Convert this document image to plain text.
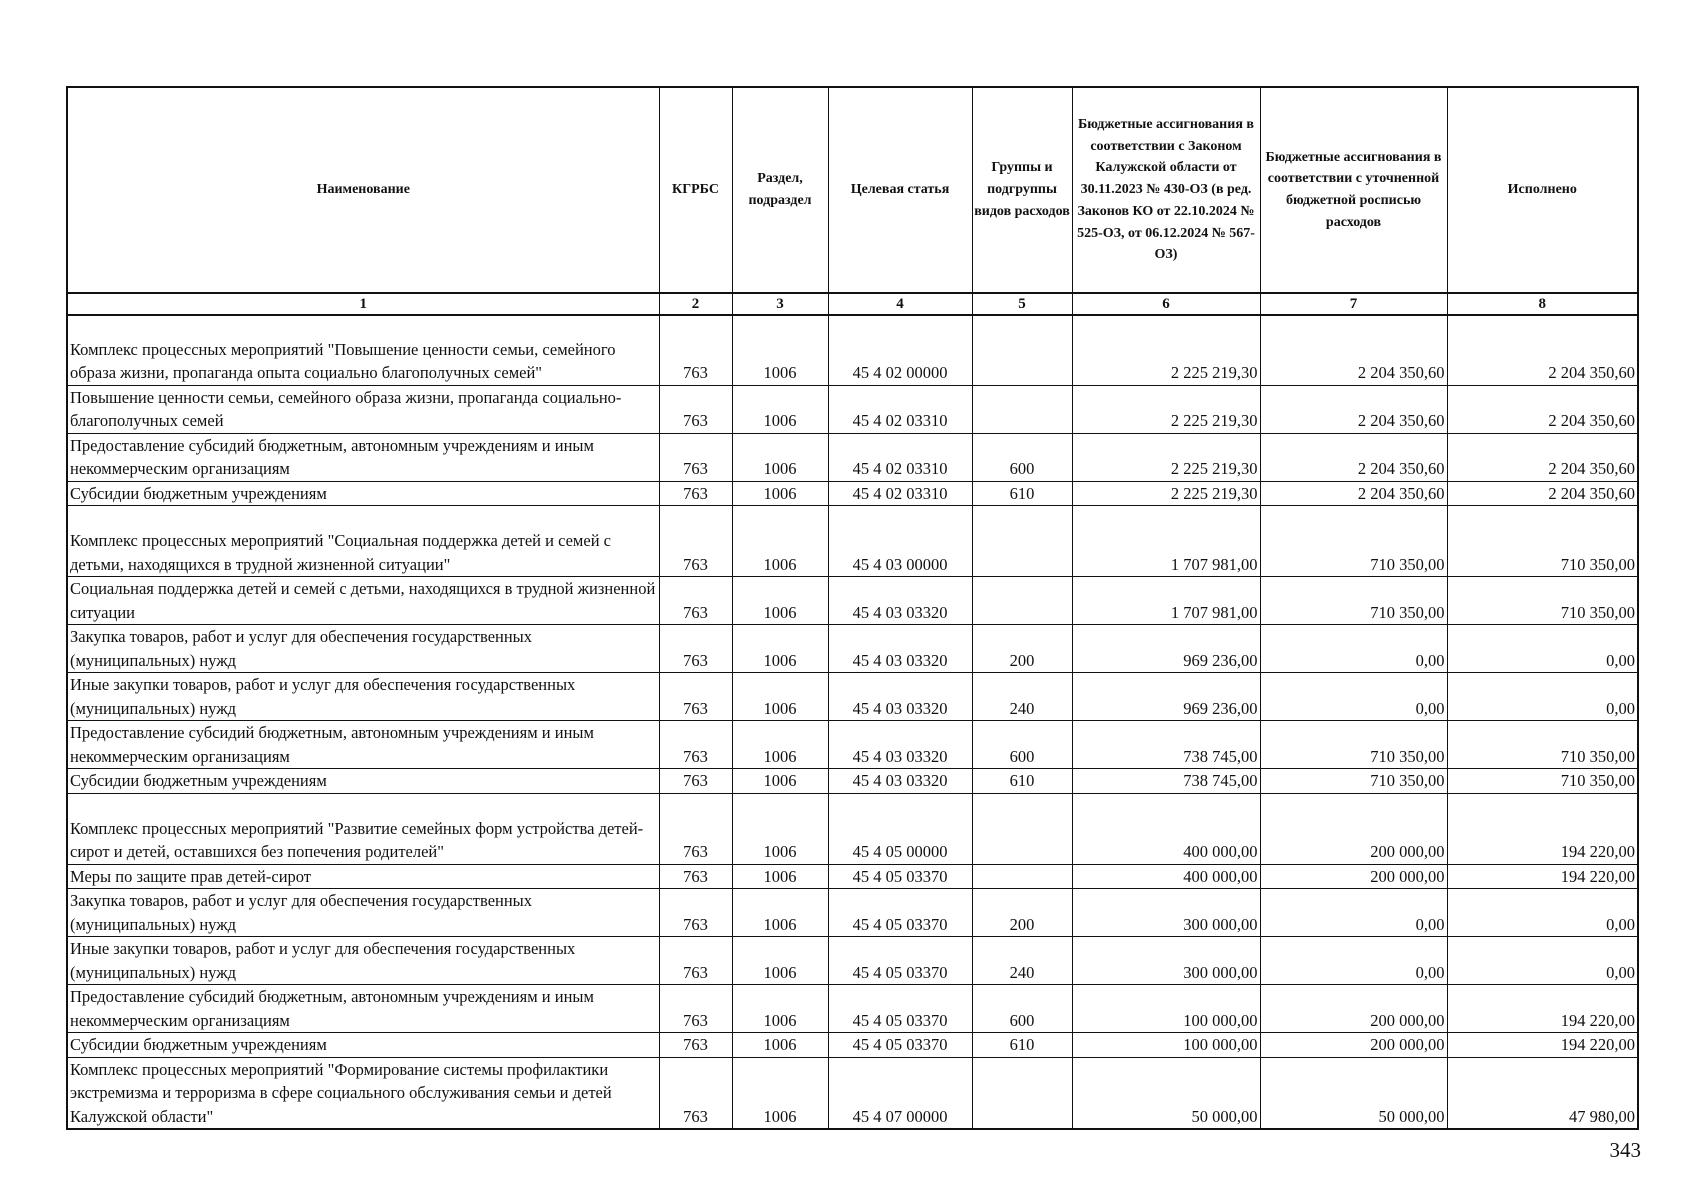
Наименование	КГРБС	Раздел, подраздел	Целевая статья	Группы и подгруппы видов расходов	Бюджетные ассигнования в соответствии с Законом Калужской области от 30.11.2023 № 430-ОЗ (в ред. Законов КО от 22.10.2024 № 525-ОЗ, от 06.12.2024 № 567-ОЗ)	Бюджетные ассигнования в соответствии с уточненной бюджетной росписью расходов	Исполнено
1	2	3	4	5	6	7	8
Комплекс процессных мероприятий "Повышение ценности семьи, семейного образа жизни, пропаганда опыта социально благополучных семей"	763	1006	45 4 02 00000		2 225 219,30	2 204 350,60	2 204 350,60
Повышение ценности семьи, семейного образа жизни, пропаганда социально-благополучных семей	763	1006	45 4 02 03310		2 225 219,30	2 204 350,60	2 204 350,60
Предоставление субсидий бюджетным, автономным учреждениям и иным некоммерческим организациям	763	1006	45 4 02 03310	600	2 225 219,30	2 204 350,60	2 204 350,60
Субсидии бюджетным учреждениям	763	1006	45 4 02 03310	610	2 225 219,30	2 204 350,60	2 204 350,60
Комплекс процессных мероприятий "Социальная поддержка детей и семей с детьми, находящихся в трудной жизненной ситуации"	763	1006	45 4 03 00000		1 707 981,00	710 350,00	710 350,00
Социальная поддержка детей и семей с детьми, находящихся в трудной жизненной ситуации	763	1006	45 4 03 03320		1 707 981,00	710 350,00	710 350,00
Закупка товаров, работ и услуг для обеспечения государственных (муниципальных) нужд	763	1006	45 4 03 03320	200	969 236,00	0,00	0,00
Иные закупки товаров, работ и услуг для обеспечения государственных (муниципальных) нужд	763	1006	45 4 03 03320	240	969 236,00	0,00	0,00
Предоставление субсидий бюджетным, автономным учреждениям и иным некоммерческим организациям	763	1006	45 4 03 03320	600	738 745,00	710 350,00	710 350,00
Субсидии бюджетным учреждениям	763	1006	45 4 03 03320	610	738 745,00	710 350,00	710 350,00
Комплекс процессных мероприятий "Развитие семейных форм устройства детей-сирот и детей, оставшихся без попечения родителей"	763	1006	45 4 05 00000		400 000,00	200 000,00	194 220,00
Меры по защите прав детей-сирот	763	1006	45 4 05 03370		400 000,00	200 000,00	194 220,00
Закупка товаров, работ и услуг для обеспечения государственных (муниципальных) нужд	763	1006	45 4 05 03370	200	300 000,00	0,00	0,00
Иные закупки товаров, работ и услуг для обеспечения государственных (муниципальных) нужд	763	1006	45 4 05 03370	240	300 000,00	0,00	0,00
Предоставление субсидий бюджетным, автономным учреждениям и иным некоммерческим организациям	763	1006	45 4 05 03370	600	100 000,00	200 000,00	194 220,00
Субсидии бюджетным учреждениям	763	1006	45 4 05 03370	610	100 000,00	200 000,00	194 220,00
Комплекс процессных мероприятий "Формирование системы профилактики экстремизма и терроризма в сфере социального обслуживания семьи и детей Калужской области"	763	1006	45 4 07 00000		50 000,00	50 000,00	47 980,00
343
